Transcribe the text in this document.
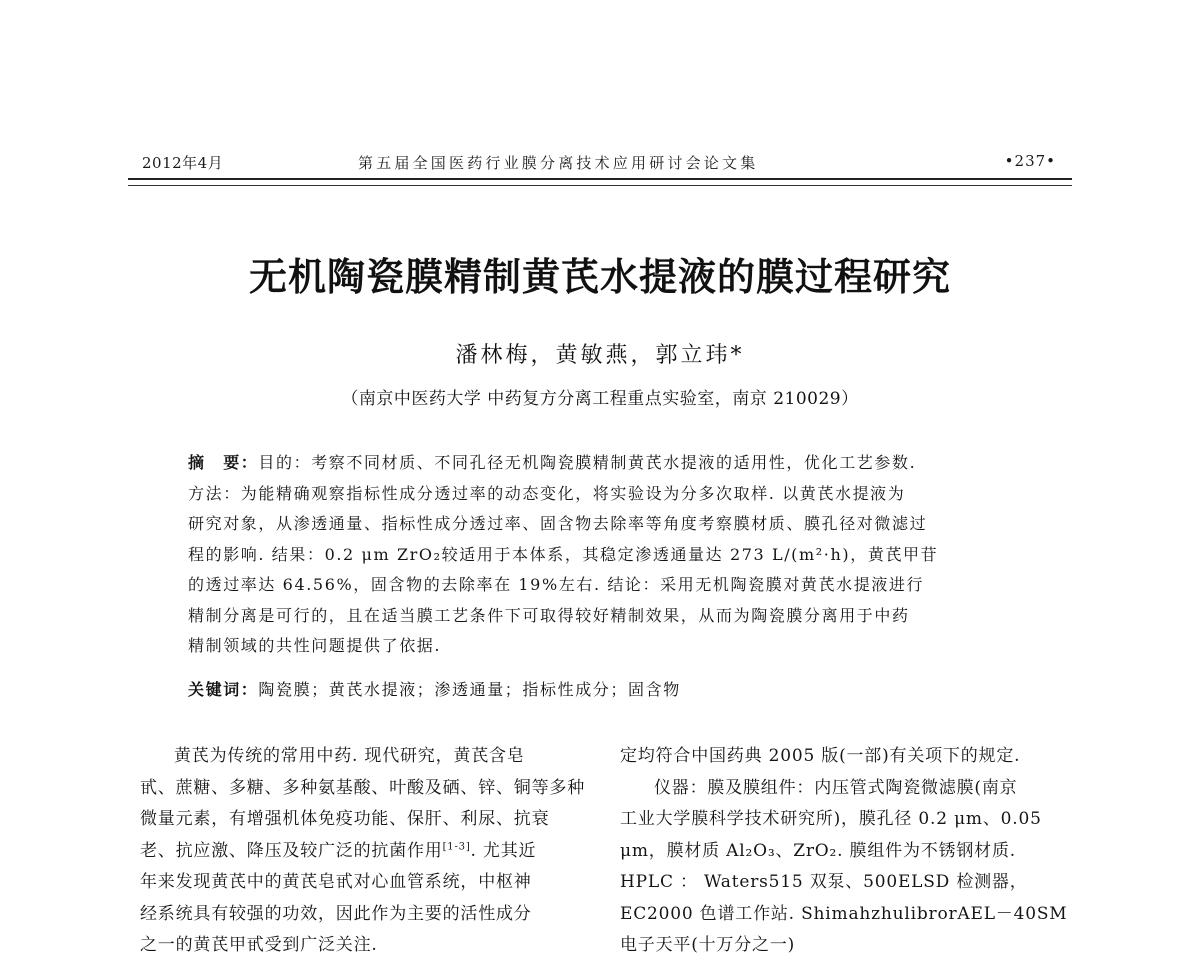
2012年4月	第五届全国医药行业膜分离技术应用研讨会论文集	•237•
无机陶瓷膜精制黄芪水提液的膜过程研究
潘林梅，黄敏燕，郭立玮*
（南京中医药大学 中药复方分离工程重点实验室，南京 210029）
摘　要：目的：考察不同材质、不同孔径无机陶瓷膜精制黄芪水提液的适用性，优化工艺参数.
方法：为能精确观察指标性成分透过率的动态变化，将实验设为分多次取样. 以黄芪水提液为
研究对象，从渗透通量、指标性成分透过率、固含物去除率等角度考察膜材质、膜孔径对微滤过
程的影响. 结果：0.2 μm ZrO₂较适用于本体系，其稳定渗透通量达 273 L/(m²·h)，黄芪甲苷
的透过率达 64.56%，固含物的去除率在 19%左右. 结论：采用无机陶瓷膜对黄芪水提液进行
精制分离是可行的，且在适当膜工艺条件下可取得较好精制效果，从而为陶瓷膜分离用于中药
精制领域的共性问题提供了依据.
关键词：陶瓷膜；黄芪水提液；渗透通量；指标性成分；固含物
黄芪为传统的常用中药. 现代研究，黄芪含皂
甙、蔗糖、多糖、多种氨基酸、叶酸及硒、锌、铜等多种
微量元素，有增强机体免疫功能、保肝、利尿、抗衰
老、抗应激、降压及较广泛的抗菌作用[1-3]. 尤其近
年来发现黄芪中的黄芪皂甙对心血管系统，中枢神
经系统具有较强的功效，因此作为主要的活性成分
之一的黄芪甲甙受到广泛关注.
定均符合中国药典 2005 版(一部)有关项下的规定.
仪器：膜及膜组件：内压管式陶瓷微滤膜(南京
工业大学膜科学技术研究所)，膜孔径 0.2 μm、0.05
μm，膜材质 Al₂O₃、ZrO₂. 膜组件为不锈钢材质.
HPLC ： Waters515 双泵、500ELSD 检测器，
EC2000 色谱工作站. ShimahzhulibrorAEL－40SM
电子天平(十万分之一)
